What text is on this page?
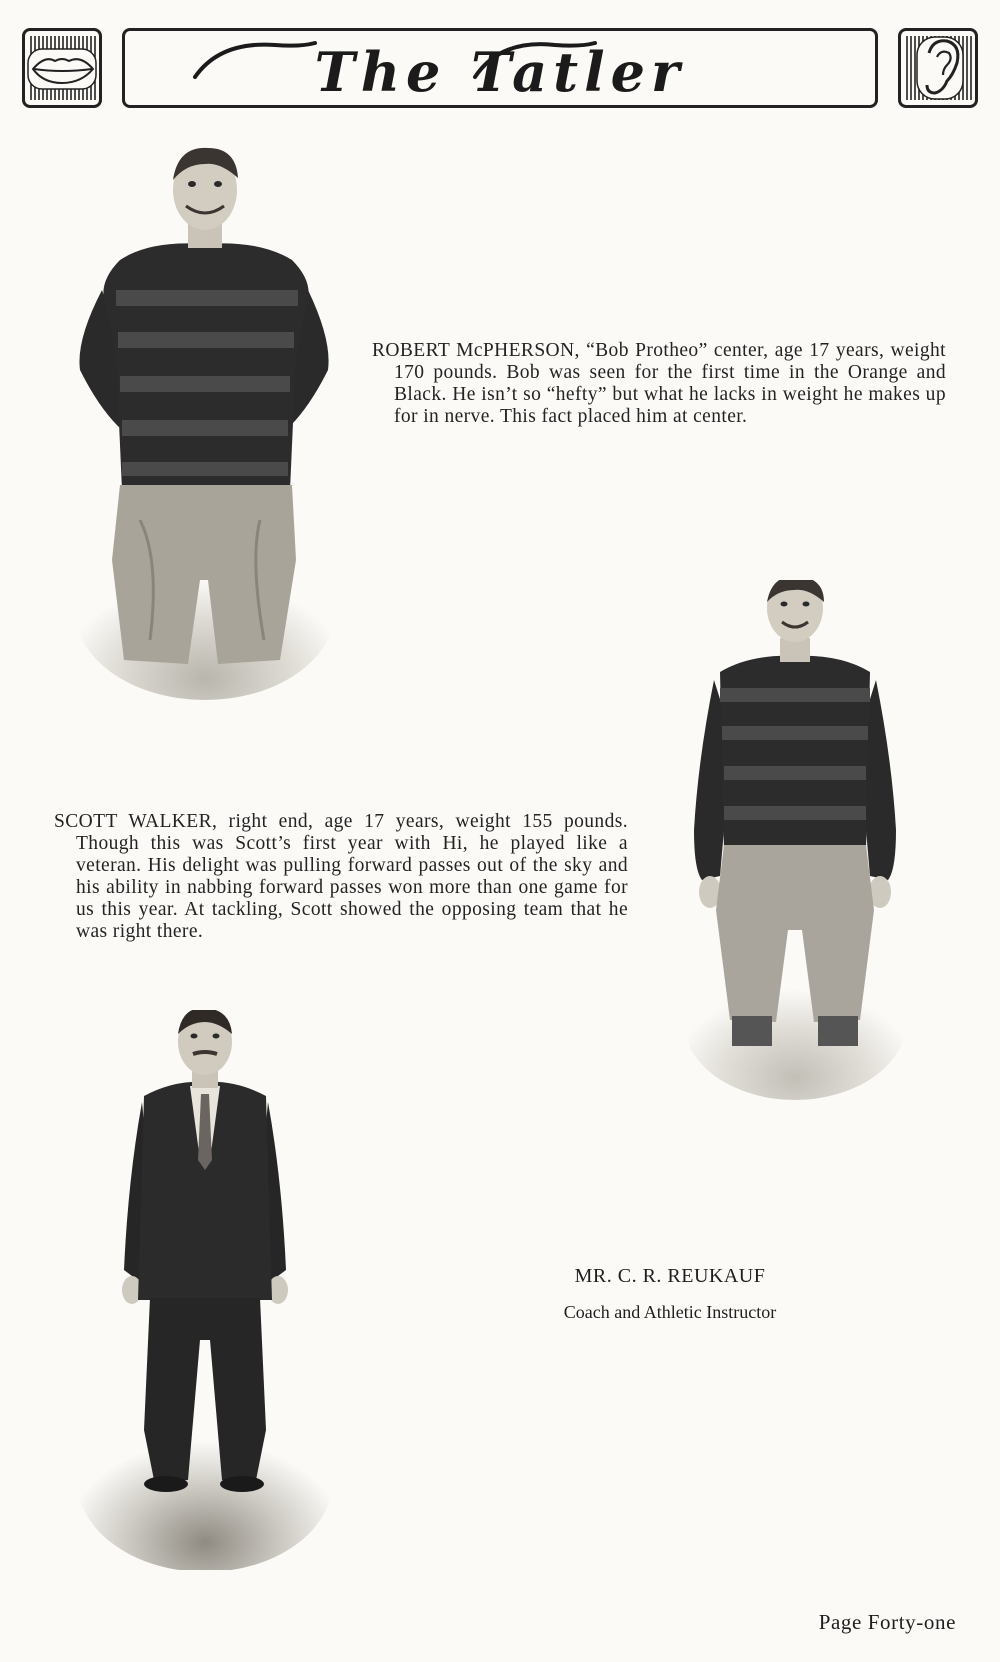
The Tatler

ROBERT McPHERSON, “Bob Protheo” center, age 17 years, weight 170 pounds. Bob was seen for the first time in the Orange and Black. He isn’t so “hefty” but what he lacks in weight he makes up for in nerve. This fact placed him at center.

SCOTT WALKER, right end, age 17 years, weight 155 pounds. Though this was Scott’s first year with Hi, he played like a veteran. His delight was pulling forward passes out of the sky and his ability in nabbing forward passes won more than one game for us this year. At tackling, Scott showed the opposing team that he was right there.

MR. C. R. REUKAUF
Coach and Athletic Instructor
Page Forty-one
